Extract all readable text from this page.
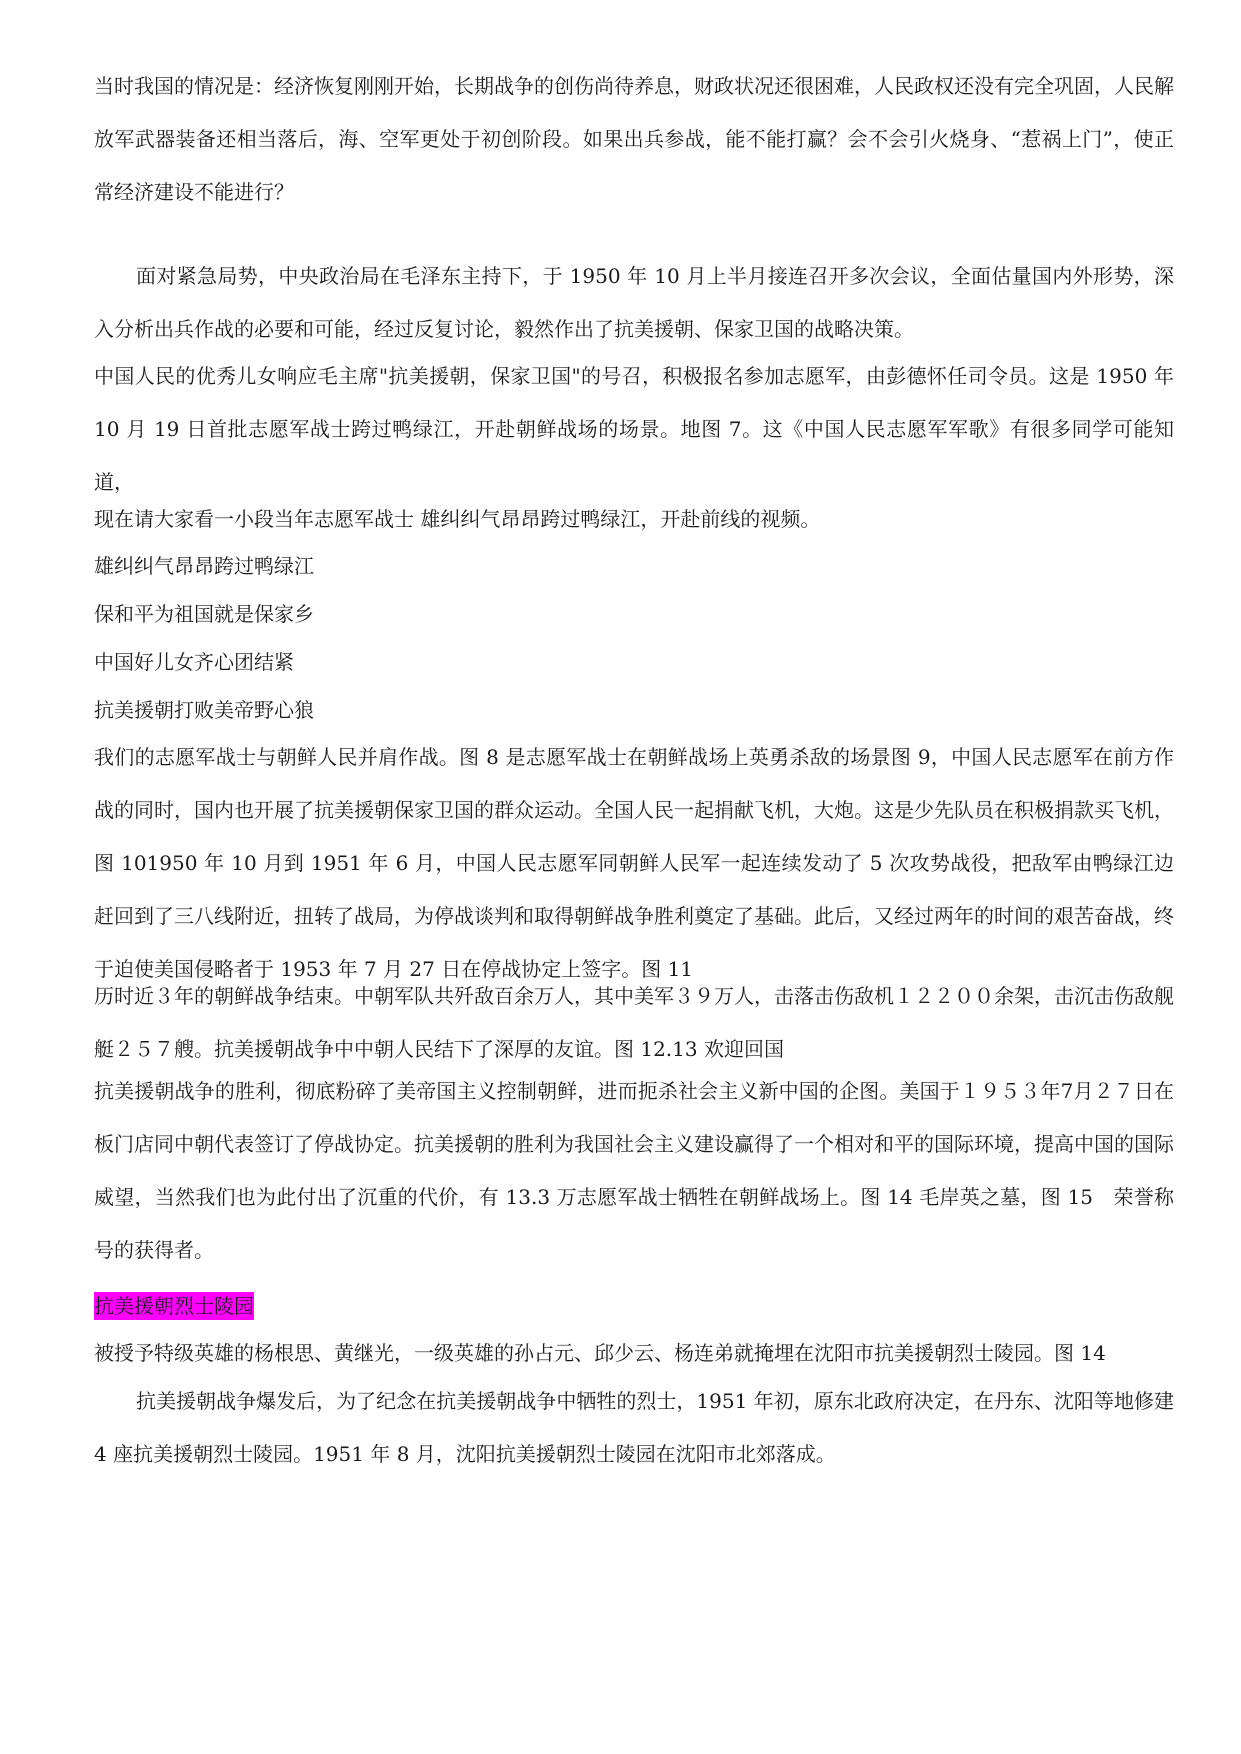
当时我国的情况是：经济恢复刚刚开始，长期战争的创伤尚待养息，财政状况还很困难，人民政权还没有完全巩固，人民解放军武器装备还相当落后，海、空军更处于初创阶段。如果出兵参战，能不能打赢？会不会引火烧身、“惹祸上门”，使正常经济建设不能进行？

面对紧急局势，中央政治局在毛泽东主持下，于 1950 年 10 月上半月接连召开多次会议，全面估量国内外形势，深入分析出兵作战的必要和可能，经过反复讨论，毅然作出了抗美援朝、保家卫国的战略决策。

中国人民的优秀儿女响应毛主席"抗美援朝，保家卫国"的号召，积极报名参加志愿军，由彭德怀任司令员。这是 1950 年 10 月 19 日首批志愿军战士跨过鸭绿江，开赴朝鲜战场的场景。地图 7。这《中国人民志愿军军歌》有很多同学可能知道，

现在请大家看一小段当年志愿军战士 雄纠纠气昂昂跨过鸭绿江，开赴前线的视频。

雄纠纠气昂昂跨过鸭绿江

保和平为祖国就是保家乡

中国好儿女齐心团结紧

抗美援朝打败美帝野心狼

我们的志愿军战士与朝鲜人民并肩作战。图 8 是志愿军战士在朝鲜战场上英勇杀敌的场景图 9，中国人民志愿军在前方作战的同时，国内也开展了抗美援朝保家卫国的群众运动。全国人民一起捐献飞机，大炮。这是少先队员在积极捐款买飞机，图 101950 年 10 月到 1951 年 6 月，中国人民志愿军同朝鲜人民军一起连续发动了 5 次攻势战役，把敌军由鸭绿江边赶回到了三八线附近，扭转了战局，为停战谈判和取得朝鲜战争胜利奠定了基础。此后，又经过两年的时间的艰苦奋战，终于迫使美国侵略者于 1953 年 7 月 27 日在停战协定上签字。图 11

历时近３年的朝鲜战争结束。中朝军队共歼敌百余万人，其中美军３９万人，击落击伤敌机１２２００余架，击沉击伤敌舰艇２５７艘。抗美援朝战争中中朝人民结下了深厚的友谊。图 12.13 欢迎回国

抗美援朝战争的胜利，彻底粉碎了美帝国主义控制朝鲜，进而扼杀社会主义新中国的企图。美国于１９５３年7月２７日在板门店同中朝代表签订了停战协定。抗美援朝的胜利为我国社会主义建设赢得了一个相对和平的国际环境，提高中国的国际威望，当然我们也为此付出了沉重的代价，有 13.3 万志愿军战士牺牲在朝鲜战场上。图 14 毛岸英之墓，图 15　荣誉称号的获得者。

抗美援朝烈士陵园

被授予特级英雄的杨根思、黄继光，一级英雄的孙占元、邱少云、杨连弟就掩埋在沈阳市抗美援朝烈士陵园。图 14

抗美援朝战争爆发后，为了纪念在抗美援朝战争中牺牲的烈士，1951 年初，原东北政府决定，在丹东、沈阳等地修建 4 座抗美援朝烈士陵园。1951 年 8 月，沈阳抗美援朝烈士陵园在沈阳市北郊落成。
